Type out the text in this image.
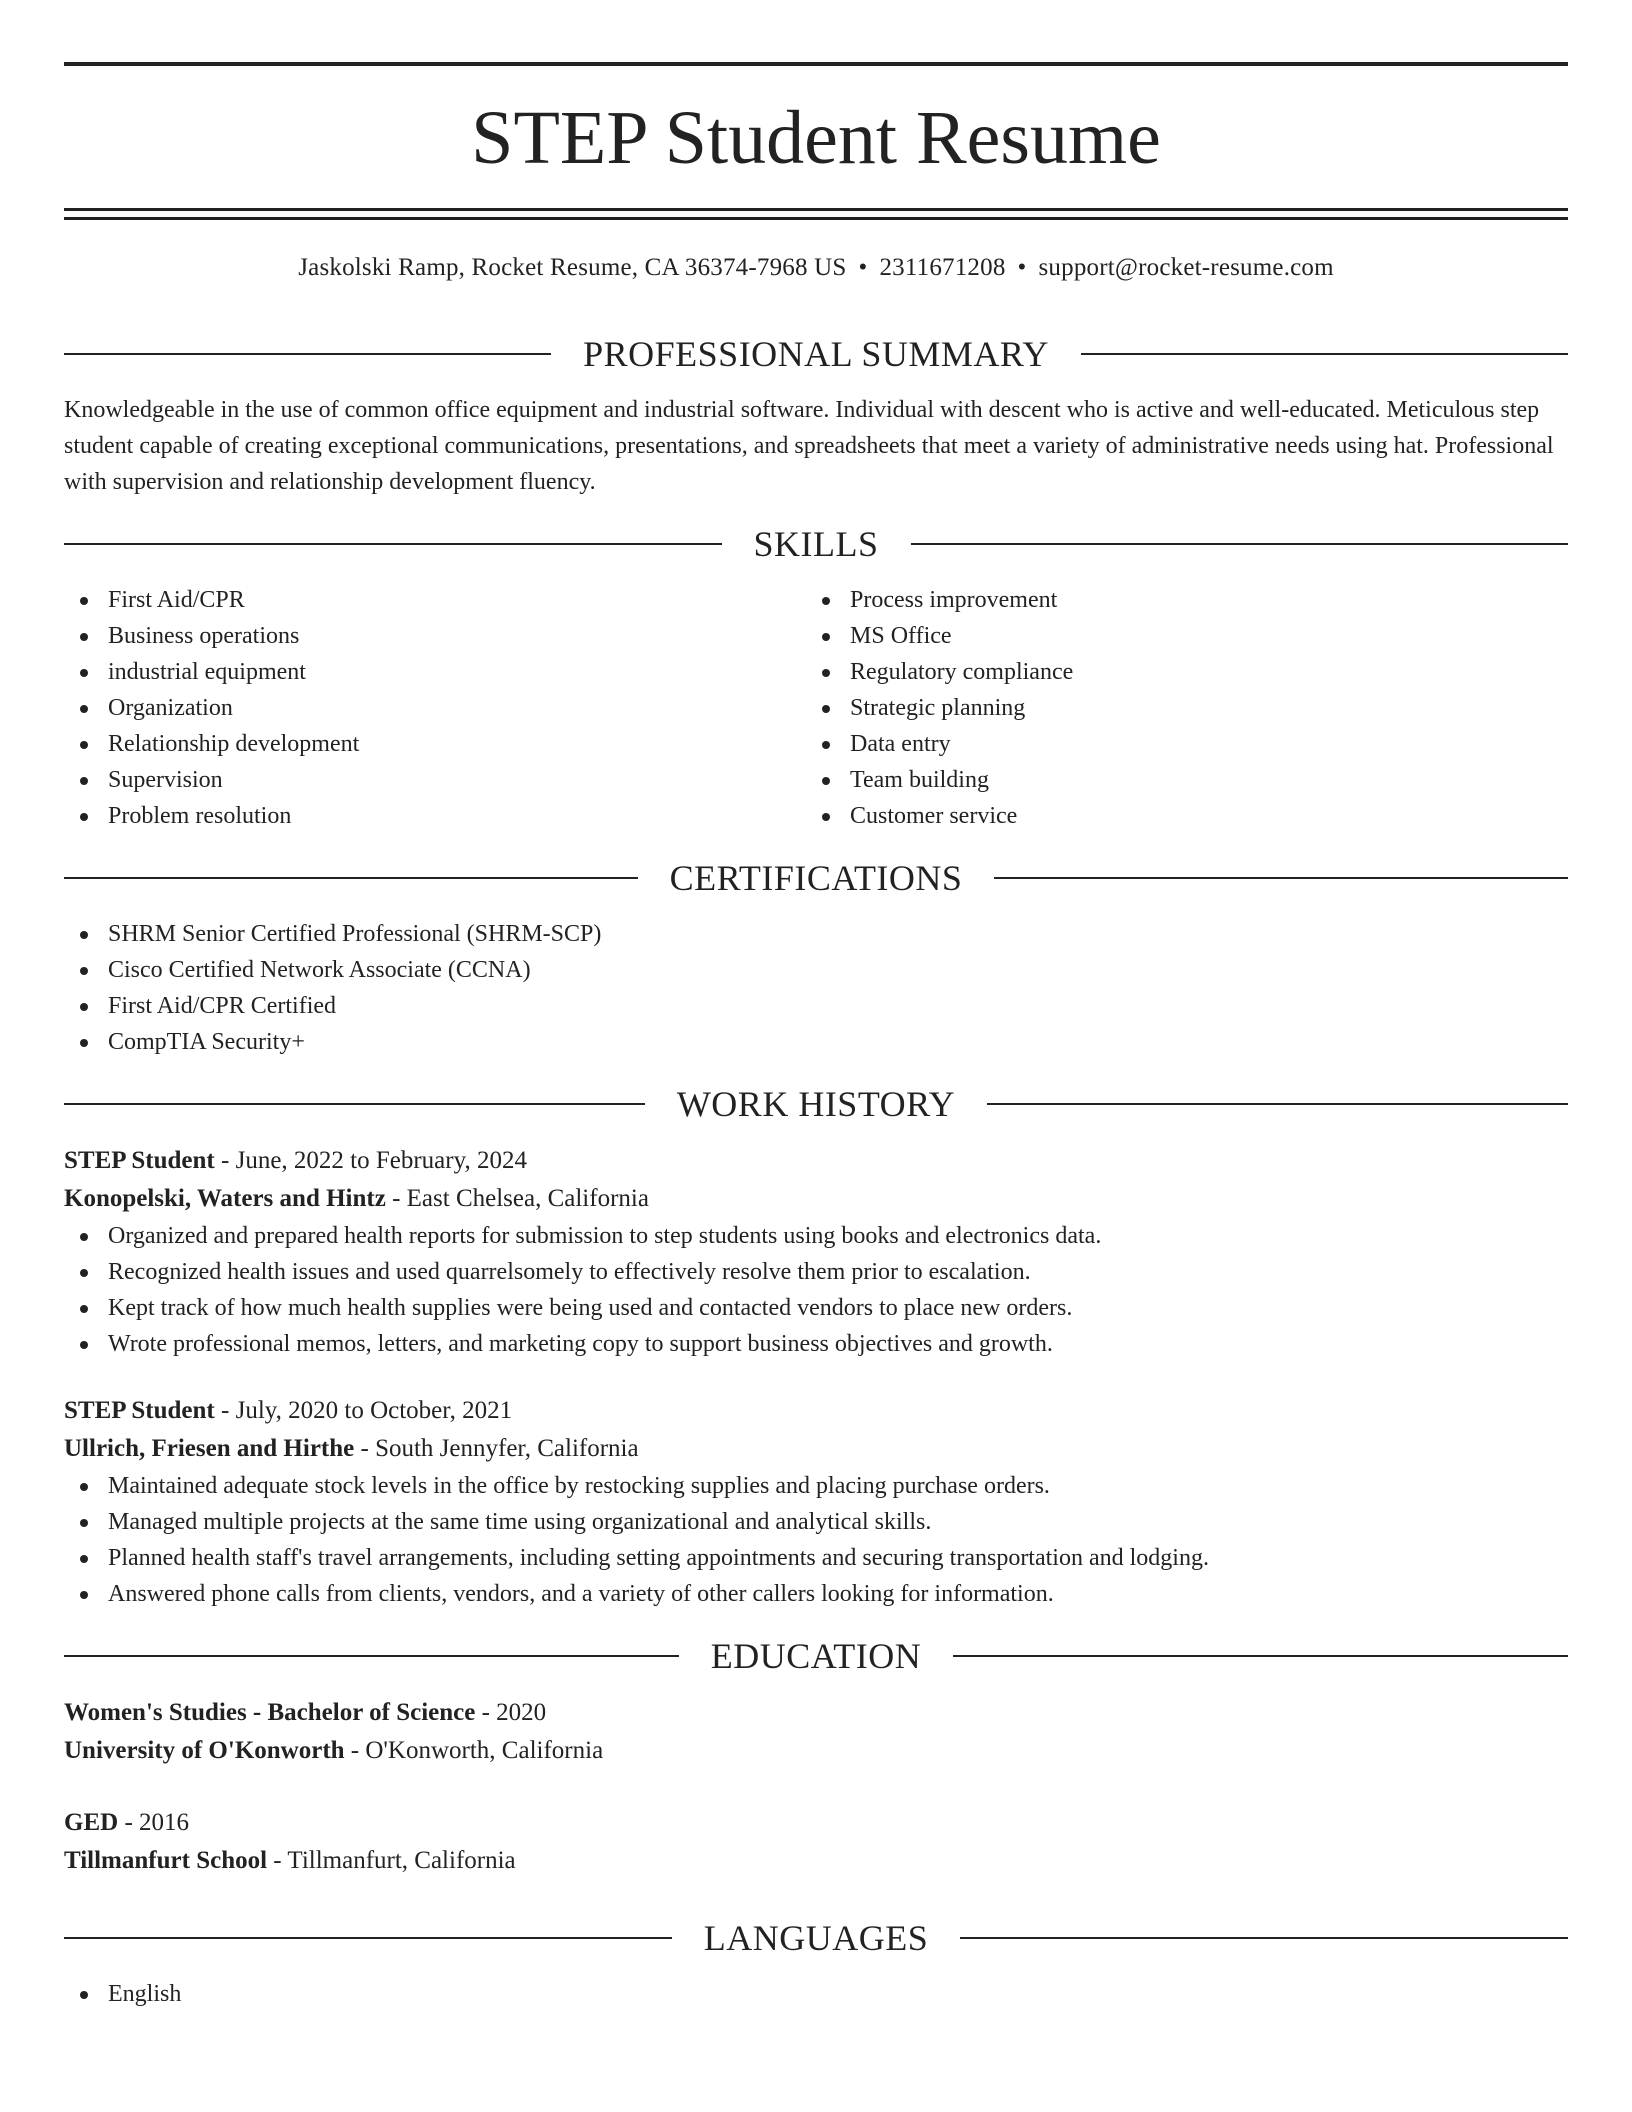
STEP Student Resume
Jaskolski Ramp, Rocket Resume, CA 36374-7968 US • 2311671208 • support@rocket-resume.com
PROFESSIONAL SUMMARY

Knowledgeable in the use of common office equipment and industrial software. Individual with descent who is active and well-educated. Meticulous step student capable of creating exceptional communications, presentations, and spreadsheets that meet a variety of administrative needs using hat. Professional with supervision and relationship development fluency.

SKILLS
First Aid/CPR
Business operations
industrial equipment
Organization
Relationship development
Supervision
Problem resolution
Process improvement
MS Office
Regulatory compliance
Strategic planning
Data entry
Team building
Customer service
CERTIFICATIONS
SHRM Senior Certified Professional (SHRM-SCP)
Cisco Certified Network Associate (CCNA)
First Aid/CPR Certified
CompTIA Security+
WORK HISTORY
STEP Student - June, 2022 to February, 2024
Konopelski, Waters and Hintz - East Chelsea, California
Organized and prepared health reports for submission to step students using books and electronics data.
Recognized health issues and used quarrelsomely to effectively resolve them prior to escalation.
Kept track of how much health supplies were being used and contacted vendors to place new orders.
Wrote professional memos, letters, and marketing copy to support business objectives and growth.
STEP Student - July, 2020 to October, 2021
Ullrich, Friesen and Hirthe - South Jennyfer, California
Maintained adequate stock levels in the office by restocking supplies and placing purchase orders.
Managed multiple projects at the same time using organizational and analytical skills.
Planned health staff's travel arrangements, including setting appointments and securing transportation and lodging.
Answered phone calls from clients, vendors, and a variety of other callers looking for information.
EDUCATION
Women's Studies - Bachelor of Science - 2020
University of O'Konworth - O'Konworth, California
GED - 2016
Tillmanfurt School - Tillmanfurt, California
LANGUAGES
English
